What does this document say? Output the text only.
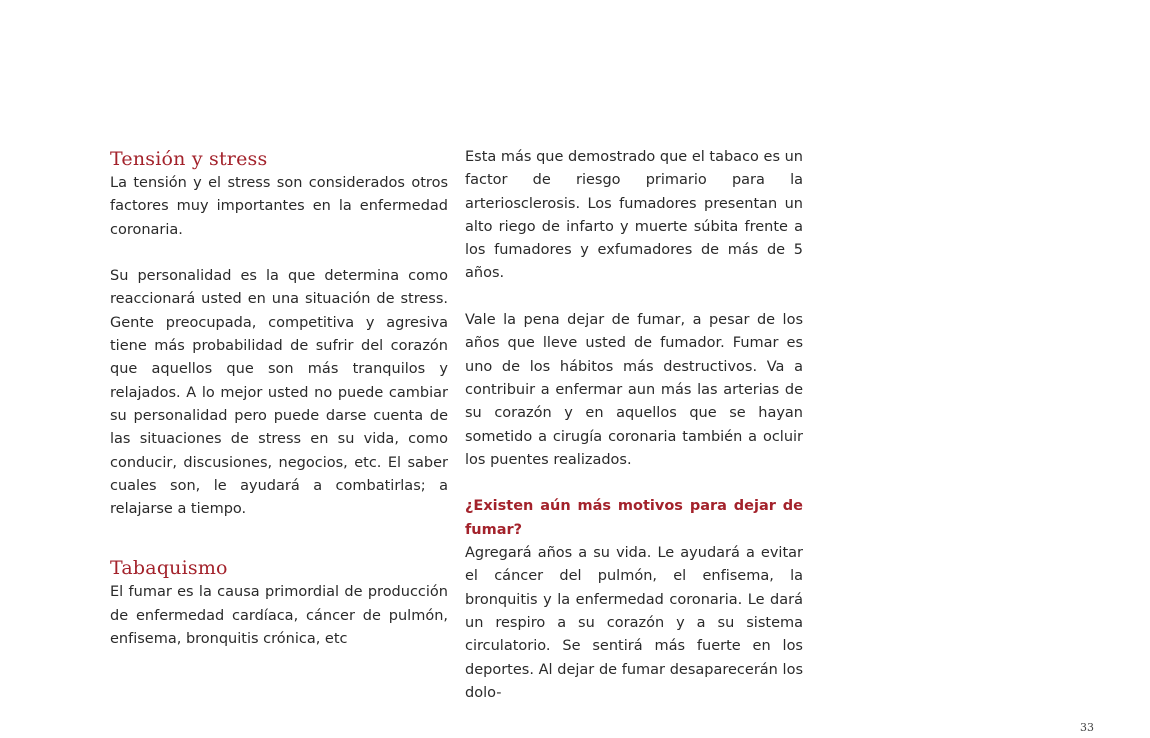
Tensión y stress

La tensión y el stress son considerados otros factores muy importantes en la enfermedad coronaria.

Su personalidad es la que determina como reaccionará usted en una situación de stress. Gente preocupada, competitiva y agresiva tiene más probabilidad de sufrir del corazón que aquellos que son más tranquilos y relajados. A lo mejor usted no puede cambiar su personalidad pero puede darse cuenta de las situaciones de stress en su vida, como conducir, discusiones, negocios, etc. El saber cuales son, le ayudará a combatirlas; a relajarse a tiempo.

Tabaquismo

El fumar es la causa primordial de producción de enfermedad cardíaca, cáncer de pulmón, enfisema, bronquitis crónica, etc

Esta más que demostrado que el tabaco es un factor de riesgo primario para la arteriosclerosis. Los fumadores presentan un alto riego de infarto y muerte súbita frente a los fumadores y exfumadores de más de 5 años.

Vale la pena dejar de fumar, a pesar de los años que lleve usted de fumador. Fumar es uno de los hábitos más destructivos. Va a contribuir a enfermar aun más las arterias de su corazón y en aquellos que se hayan sometido a cirugía coronaria también a ocluir los puentes realizados.

¿Existen aún más motivos para dejar de fumar?

Agregará años a su vida. Le ayudará a evitar el cáncer del pulmón, el enfisema, la bronquitis y la enfermedad coronaria. Le dará un respiro a su corazón y a su sistema circulatorio. Se sentirá más fuerte en los deportes. Al dejar de fumar desaparecerán los dolo-

33
